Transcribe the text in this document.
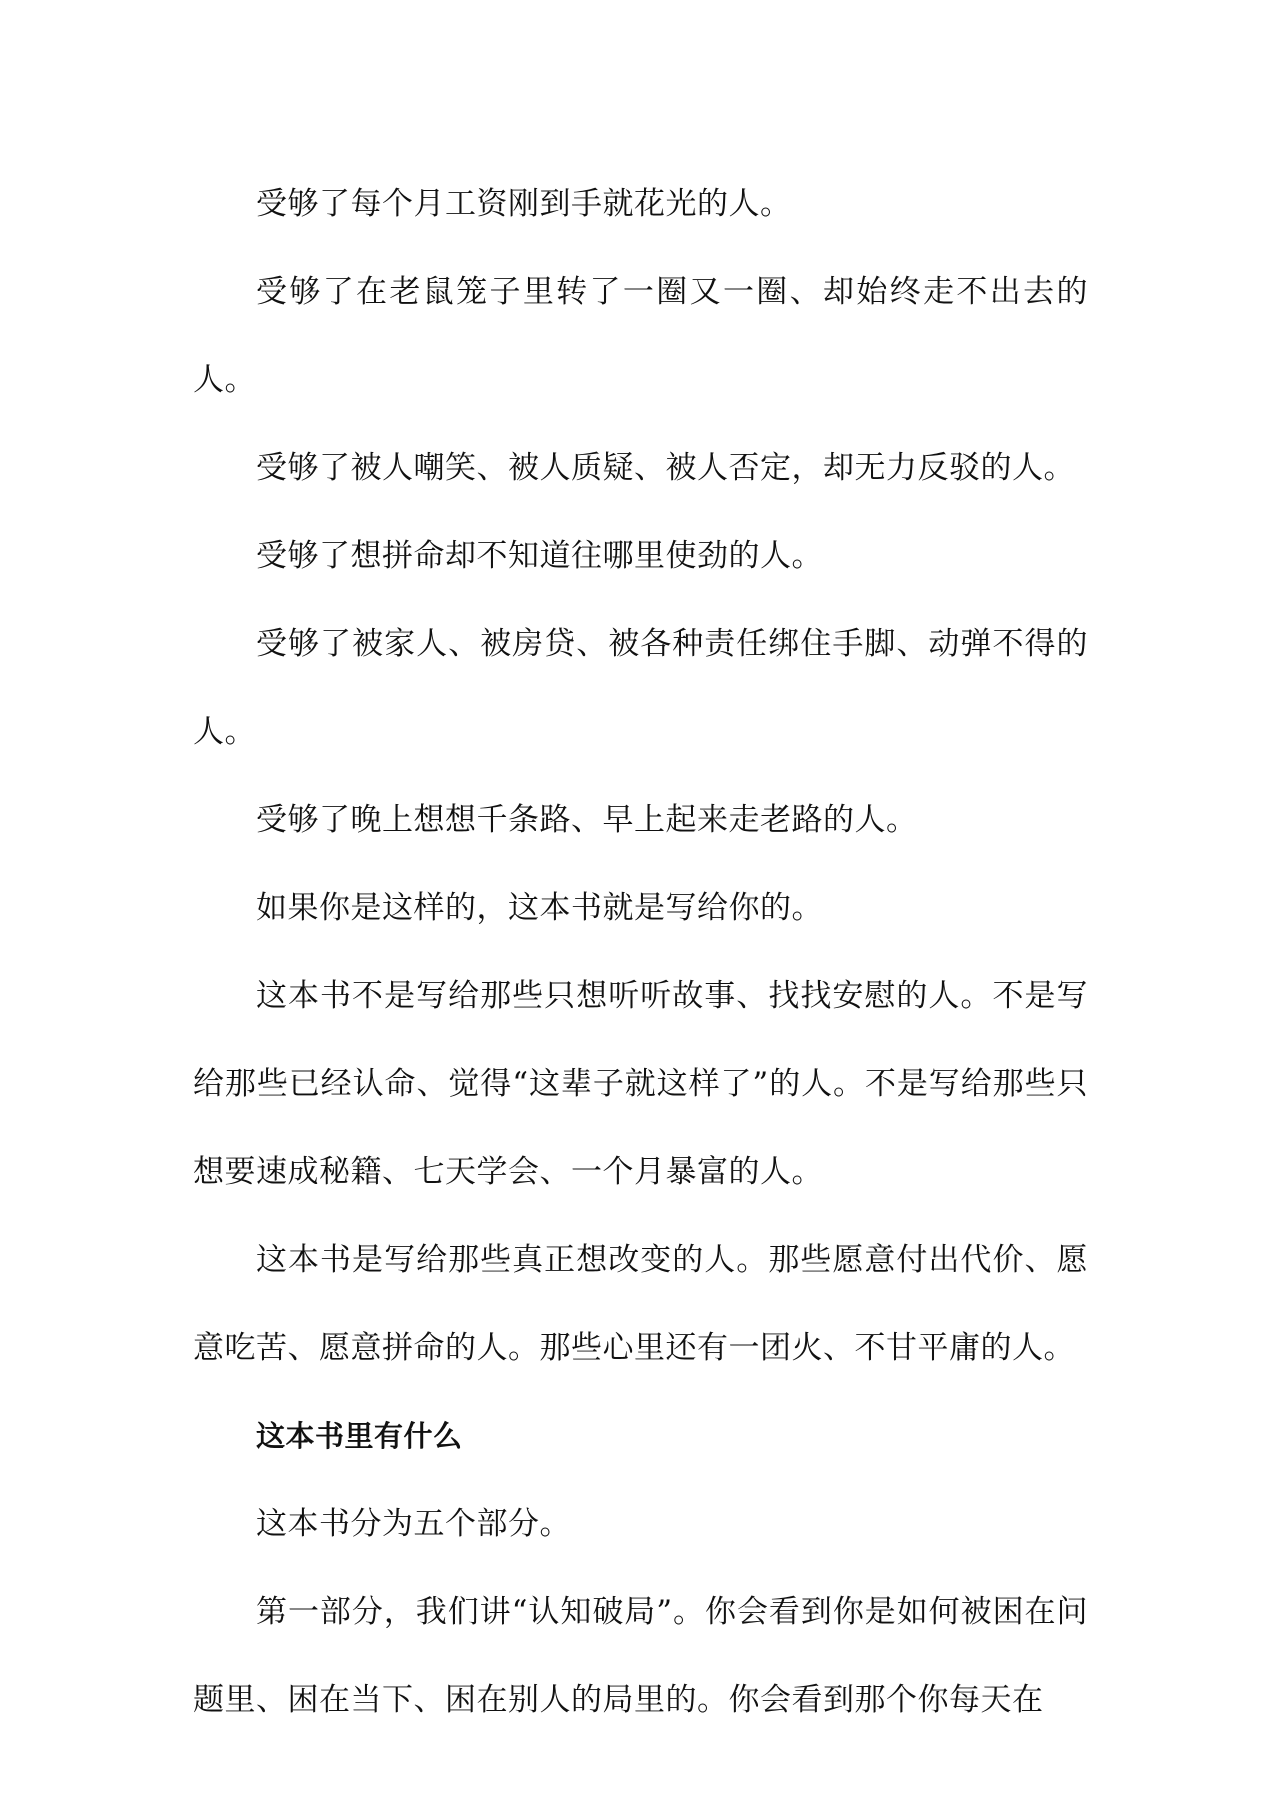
受够了每个月工资刚到手就花光的人。

受够了在老鼠笼子里转了一圈又一圈、却始终走不出去的人。

受够了被人嘲笑、被人质疑、被人否定，却无力反驳的人。

受够了想拼命却不知道往哪里使劲的人。

受够了被家人、被房贷、被各种责任绑住手脚、动弹不得的人。

受够了晚上想想千条路、早上起来走老路的人。

如果你是这样的，这本书就是写给你的。

这本书不是写给那些只想听听故事、找找安慰的人。不是写给那些已经认命、觉得“这辈子就这样了”的人。不是写给那些只想要速成秘籍、七天学会、一个月暴富的人。

这本书是写给那些真正想改变的人。那些愿意付出代价、愿意吃苦、愿意拼命的人。那些心里还有一团火、不甘平庸的人。

这本书里有什么

这本书分为五个部分。

第一部分，我们讲“认知破局”。你会看到你是如何被困在问题里、困在当下、困在别人的局里的。你会看到那个你每天在
